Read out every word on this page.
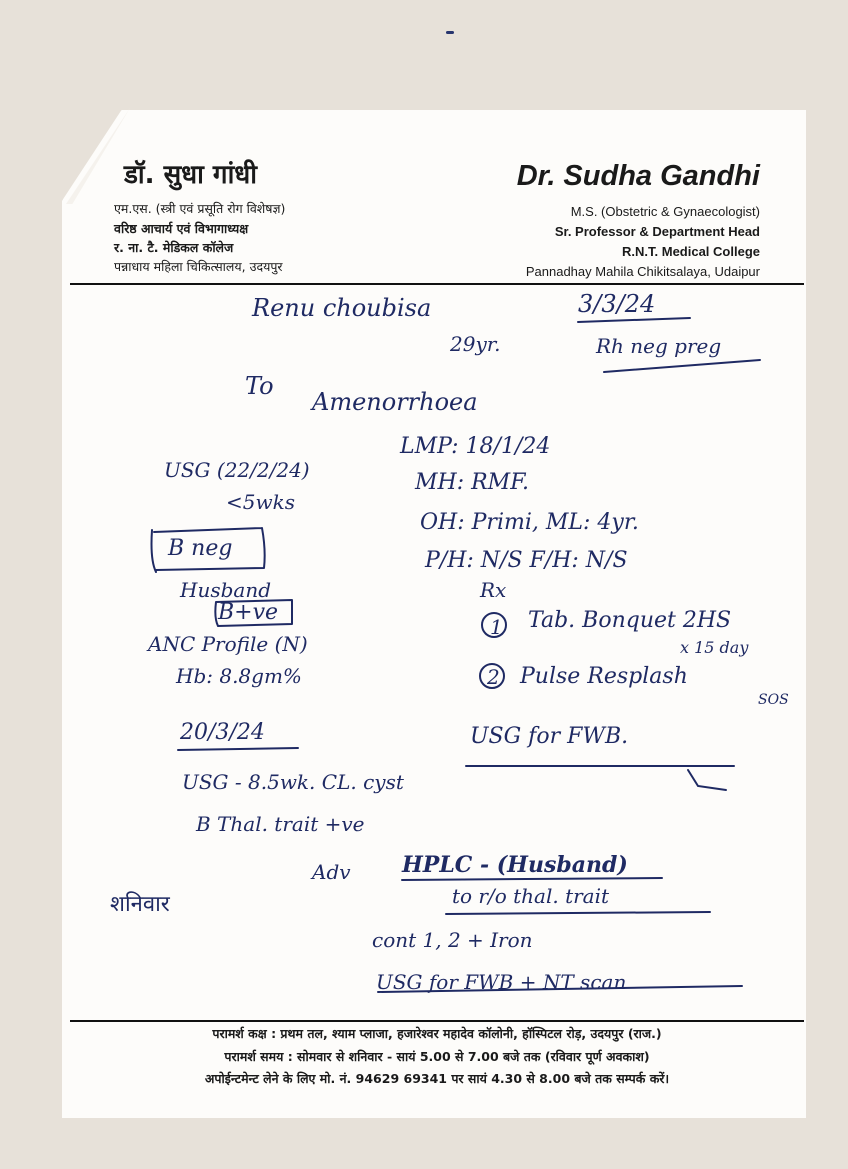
डॉ. सुधा गांधी
एम.एस. (स्त्री एवं प्रसूति रोग विशेषज्ञ)
वरिष्ठ आचार्य एवं विभागाध्यक्ष
र. ना. टै. मेडिकल कॉलेज
पन्नाधाय महिला चिकित्सालय, उदयपुर
Dr. Sudha Gandhi
M.S. (Obstetric & Gynaecologist)
Sr. Professor & Department Head
R.N.T. Medical College
Pannadhay Mahila Chikitsalaya, Udaipur
Renu choubisa
29yr.
3/3/24
Rh neg preg
To
Amenorrhoea
LMP: 18/1/24
MH: RMF.
OH: Primi, ML: 4yr.
P/H: N/S F/H: N/S
USG (22/2/24)
<5wks
B neg
Husband
B+ve
ANC Profile (N)
Hb: 8.8gm%
Rx
1 Tab. Bonquet 2HS
x 15 day
2 Pulse Resplash
SOS
20/3/24
USG - 8.5wk. CL. cyst
USG for FWB.
B Thal. trait +ve
Adv HPLC - (Husband)
to r/o thal. trait
cont 1, 2 + Iron
USG for FWB + NT scan
शनिवार
परामर्श कक्ष : प्रथम तल, श्याम प्लाजा, हजारेश्वर महादेव कॉलोनी, हॉस्पिटल रोड़, उदयपुर (राज.)
परामर्श समय : सोमवार से शनिवार - सायं 5.00 से 7.00 बजे तक (रविवार पूर्ण अवकाश)
अपोईन्टमेन्ट लेने के लिए मो. नं. 94629 69341 पर सायं 4.30 से 8.00 बजे तक सम्पर्क करें।
